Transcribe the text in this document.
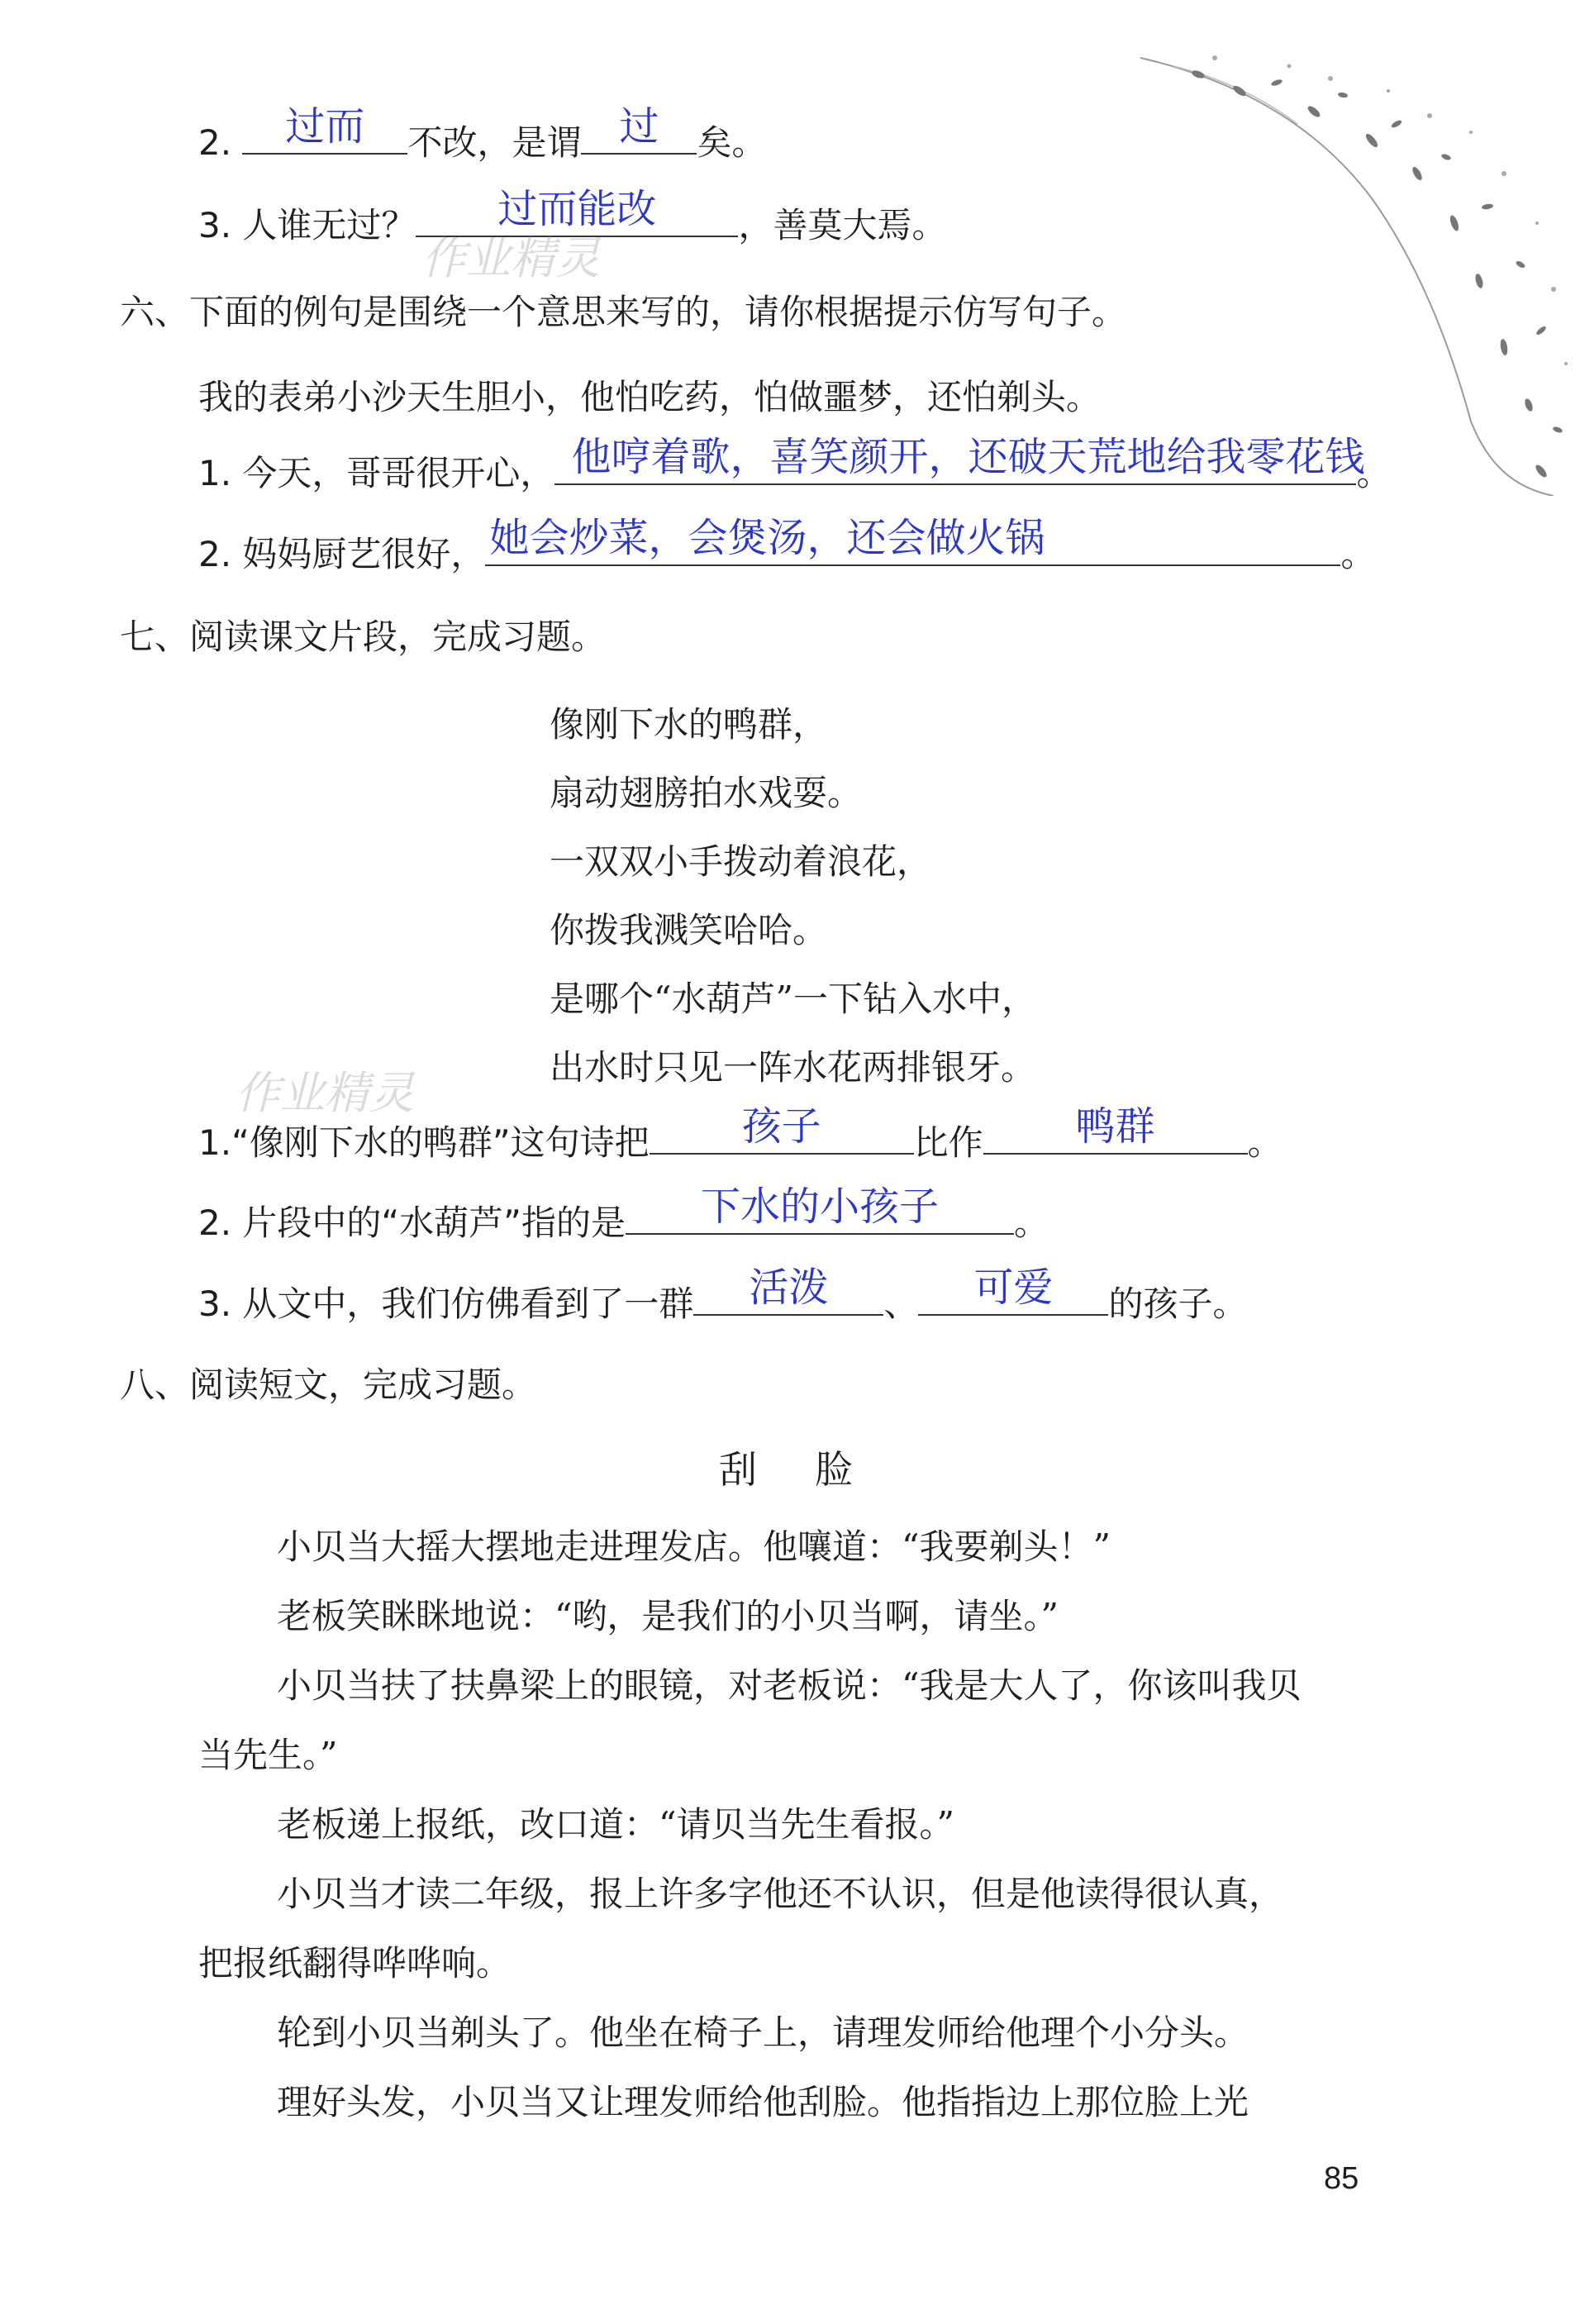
2.	过而	不改，是谓 过	矣。
3. 人谁无过？	过而能改	，善莫大焉。
作业精灵
六、下面的例句是围绕一个意思来写的，请你根据提示仿写句子。
我的表弟小沙天生胆小，他怕吃药，怕做噩梦，还怕剃头。
1. 今天，哥哥很开心， 他哼着歌，喜笑颜开，还破天荒地给我零花钱
。
2. 妈妈厨艺很好， 她会炒菜，会煲汤，还会做火锅	。
七、阅读课文片段，完成习题。
像刚下水的鸭群，
扇动翅膀拍水戏耍。
一双双小手拨动着浪花，
你拨我溅笑哈哈。
是哪个“水葫芦”一下钻入水中，
出水时只见一阵水花两排银牙。
作业精灵
1.“像刚下水的鸭群”这句诗把	孩子	比作	鸭群	。
2. 片段中的“水葫芦”指的是	下水的小孩子	。
3. 从文中，我们仿佛看到了一群	活泼	、	可爱	的孩子。
八、阅读短文，完成习题。
刮脸
小贝当大摇大摆地走进理发店。他嚷道：“我要剃头！”
老板笑眯眯地说：“哟，是我们的小贝当啊，请坐。”
小贝当扶了扶鼻梁上的眼镜，对老板说：“我是大人了，你该叫我贝
当先生。”
老板递上报纸，改口道：“请贝当先生看报。”
小贝当才读二年级，报上许多字他还不认识，但是他读得很认真，
把报纸翻得哗哗响。
轮到小贝当剃头了。他坐在椅子上，请理发师给他理个小分头。
理好头发，小贝当又让理发师给他刮脸。他指指边上那位脸上光
85
